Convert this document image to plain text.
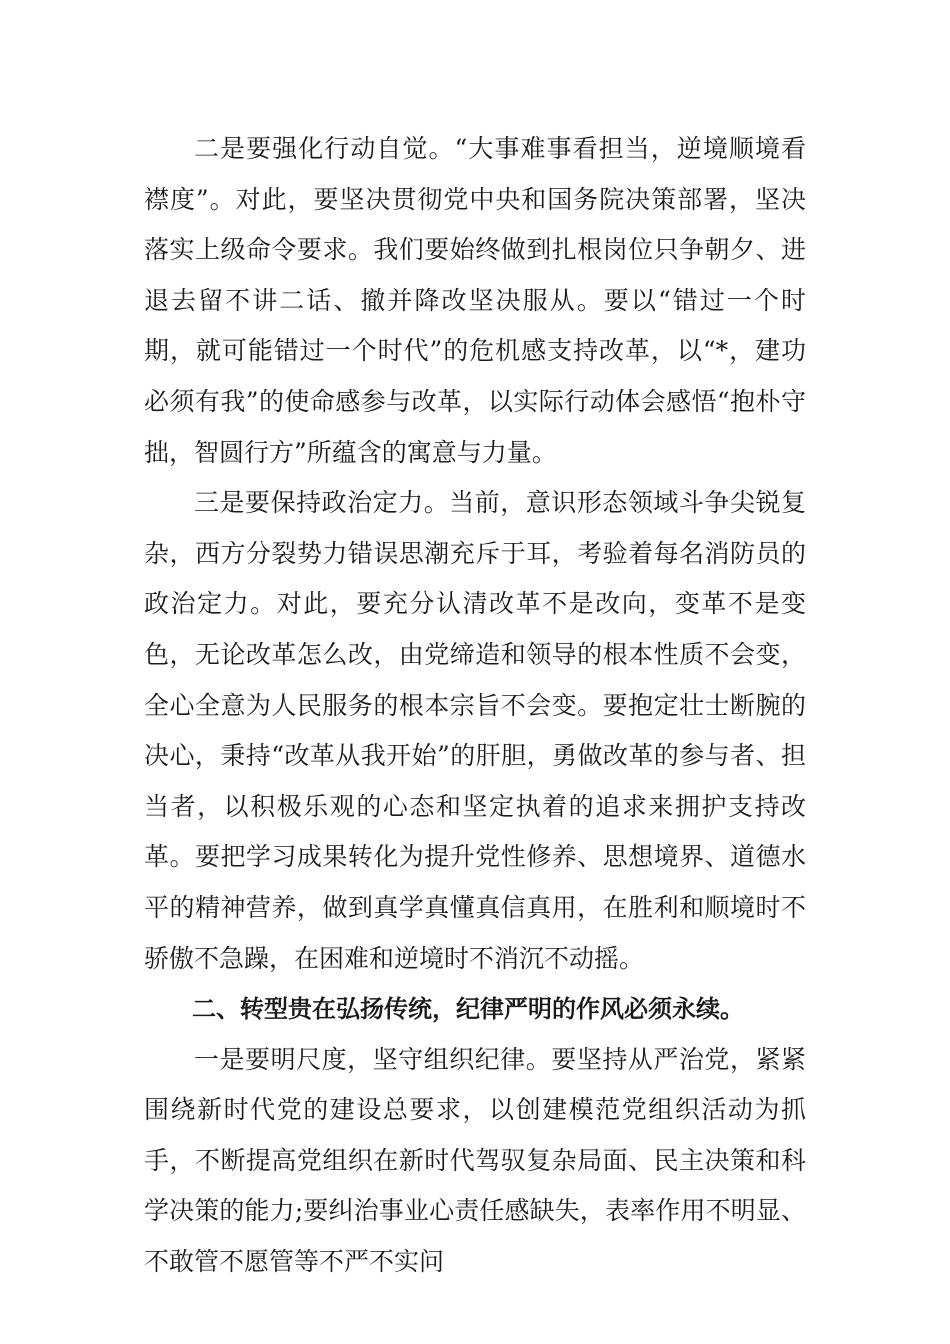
二是要强化行动自觉。“大事难事看担当，逆境顺境看襟度”。对此，要坚决贯彻党中央和国务院决策部署，坚决落实上级命令要求。我们要始终做到扎根岗位只争朝夕、进退去留不讲二话、撤并降改坚决服从。要以“错过一个时期，就可能错过一个时代”的危机感支持改革，以“*，建功必须有我”的使命感参与改革，以实际行动体会感悟“抱朴守拙，智圆行方”所蕴含的寓意与力量。

三是要保持政治定力。当前，意识形态领域斗争尖锐复杂，西方分裂势力错误思潮充斥于耳，考验着每名消防员的政治定力。对此，要充分认清改革不是改向，变革不是变色，无论改革怎么改，由党缔造和领导的根本性质不会变，全心全意为人民服务的根本宗旨不会变。要抱定壮士断腕的决心，秉持“改革从我开始”的肝胆，勇做改革的参与者、担当者，以积极乐观的心态和坚定执着的追求来拥护支持改革。要把学习成果转化为提升党性修养、思想境界、道德水平的精神营养，做到真学真懂真信真用，在胜利和顺境时不骄傲不急躁，在困难和逆境时不消沉不动摇。

二、转型贵在弘扬传统，纪律严明的作风必须永续。

一是要明尺度，坚守组织纪律。要坚持从严治党，紧紧围绕新时代党的建设总要求，以创建模范党组织活动为抓手，不断提高党组织在新时代驾驭复杂局面、民主决策和科学决策的能力;要纠治事业心责任感缺失，表率作用不明显、不敢管不愿管等不严不实问
